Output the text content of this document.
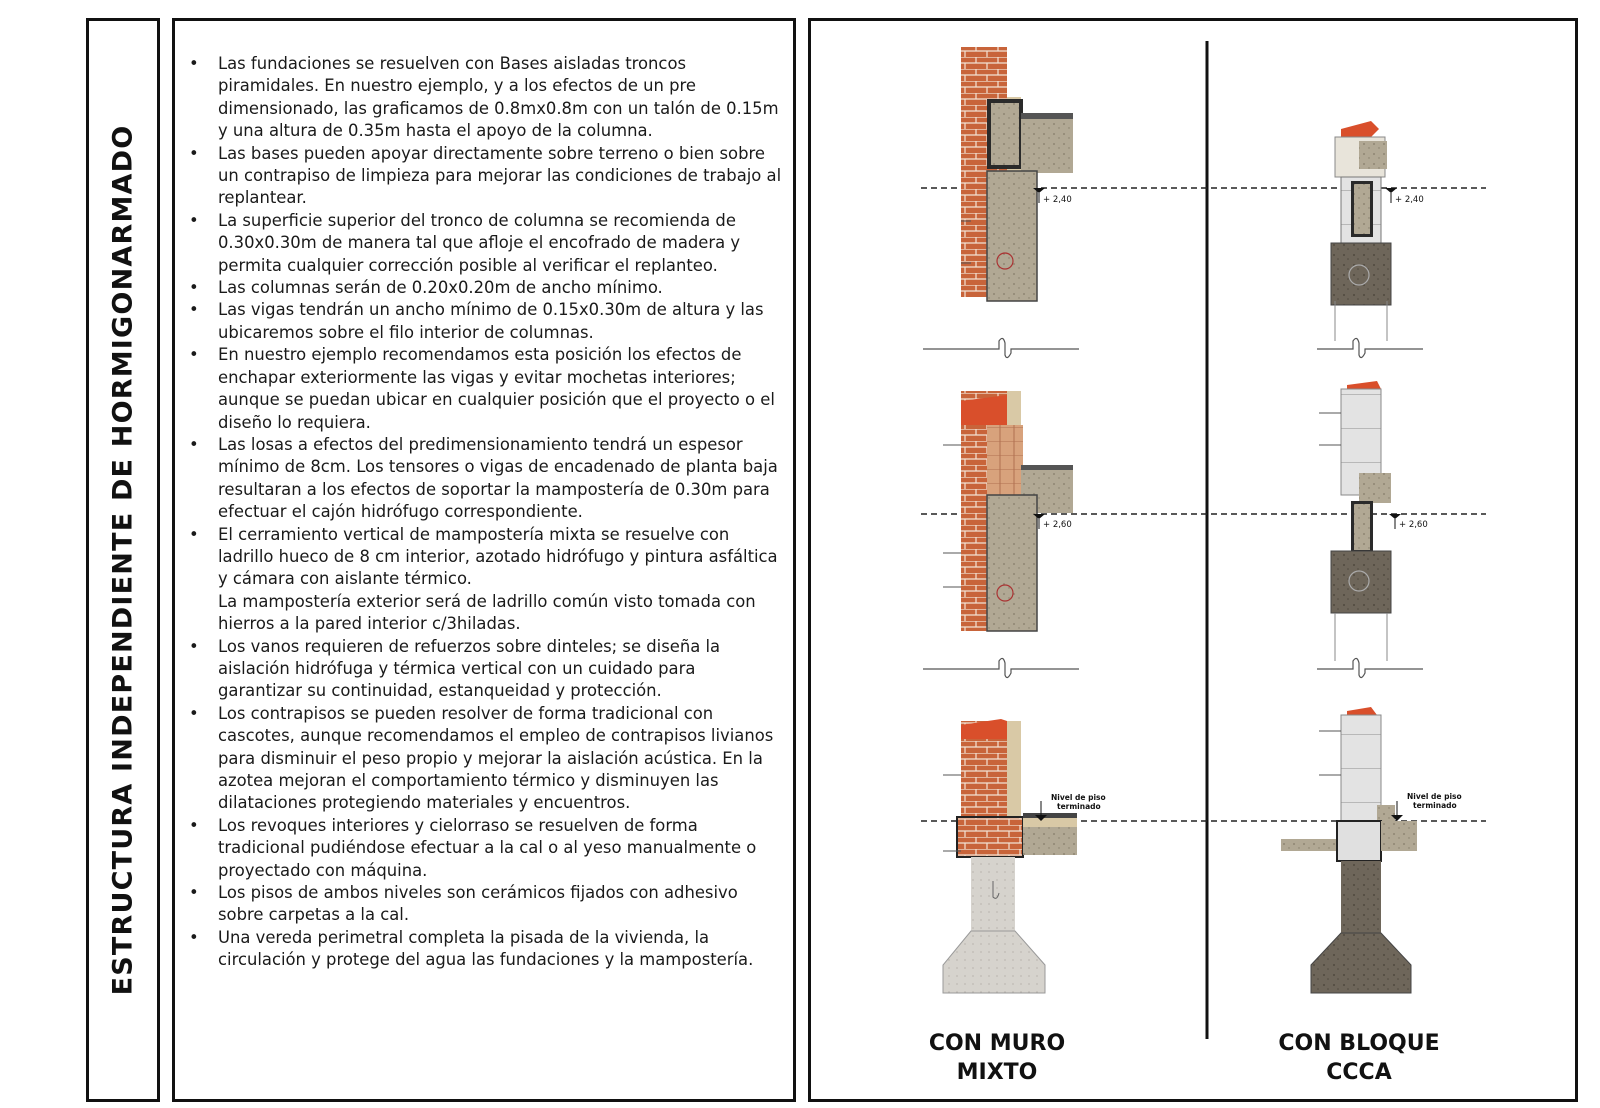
ESTRUCTURA INDEPENDIENTE DE HORMIGONARMADO
• Las fundaciones se resuelven con Bases aisladas troncos piramidales. En nuestro ejemplo, y a los efectos de un pre dimensionado, las graficamos de 0.8mx0.8m con un talón de 0.15m y una altura de 0.35m hasta el apoyo de la columna.
• Las bases pueden apoyar directamente sobre terreno o bien sobre un contrapiso de limpieza para mejorar las condiciones de trabajo al replantear.
• La superficie superior del tronco de columna se recomienda de 0.30x0.30m de manera tal que afloje el encofrado de madera y permita cualquier corrección posible al verificar el replanteo.
• Las columnas serán de 0.20x0.20m de ancho mínimo.
• Las vigas tendrán un ancho mínimo de 0.15x0.30m de altura y las ubicaremos sobre el filo interior de columnas.
• En nuestro ejemplo recomendamos esta posición los efectos de enchapar exteriormente las vigas y evitar mochetas interiores; aunque se puedan ubicar en cualquier posición que el proyecto o el diseño lo requiera.
• Las losas a efectos del predimensionamiento tendrá un espesor mínimo de 8cm. Los tensores o vigas de encadenado de planta baja resultaran a los efectos de soportar la mampostería de 0.30m para efectuar el cajón hidrófugo correspondiente.
• El cerramiento vertical de mampostería mixta se resuelve con ladrillo hueco de 8 cm interior, azotado hidrófugo y pintura asfáltica y cámara con aislante térmico.
La mampostería exterior será de ladrillo común visto tomada con hierros a la pared interior c/3hiladas.
• Los vanos requieren de refuerzos sobre dinteles; se diseña la aislación hidrófuga y térmica vertical con un cuidado para garantizar su continuidad, estanqueidad y protección.
• Los contrapisos se pueden resolver de forma tradicional con cascotes, aunque recomendamos el empleo de contrapisos livianos para disminuir el peso propio y mejorar la aislación acústica. En la azotea mejoran el comportamiento térmico y disminuyen las dilataciones protegiendo materiales y encuentros.
• Los revoques interiores y cielorraso se resuelven de forma tradicional pudiéndose efectuar a la cal o al yeso manualmente o proyectado con máquina.
• Los pisos de ambos niveles son cerámicos fijados con adhesivo sobre carpetas a la cal.
• Una vereda perimetral completa la pisada de la vivienda, la circulación y protege del agua las fundaciones y la mampostería.
+ 2,40	+ 2,40
+ 2,60	+ 2,60
Nivel de piso
terminado
Nivel de piso
terminado
CON MURO
MIXTO
CON BLOQUE
CCCA
